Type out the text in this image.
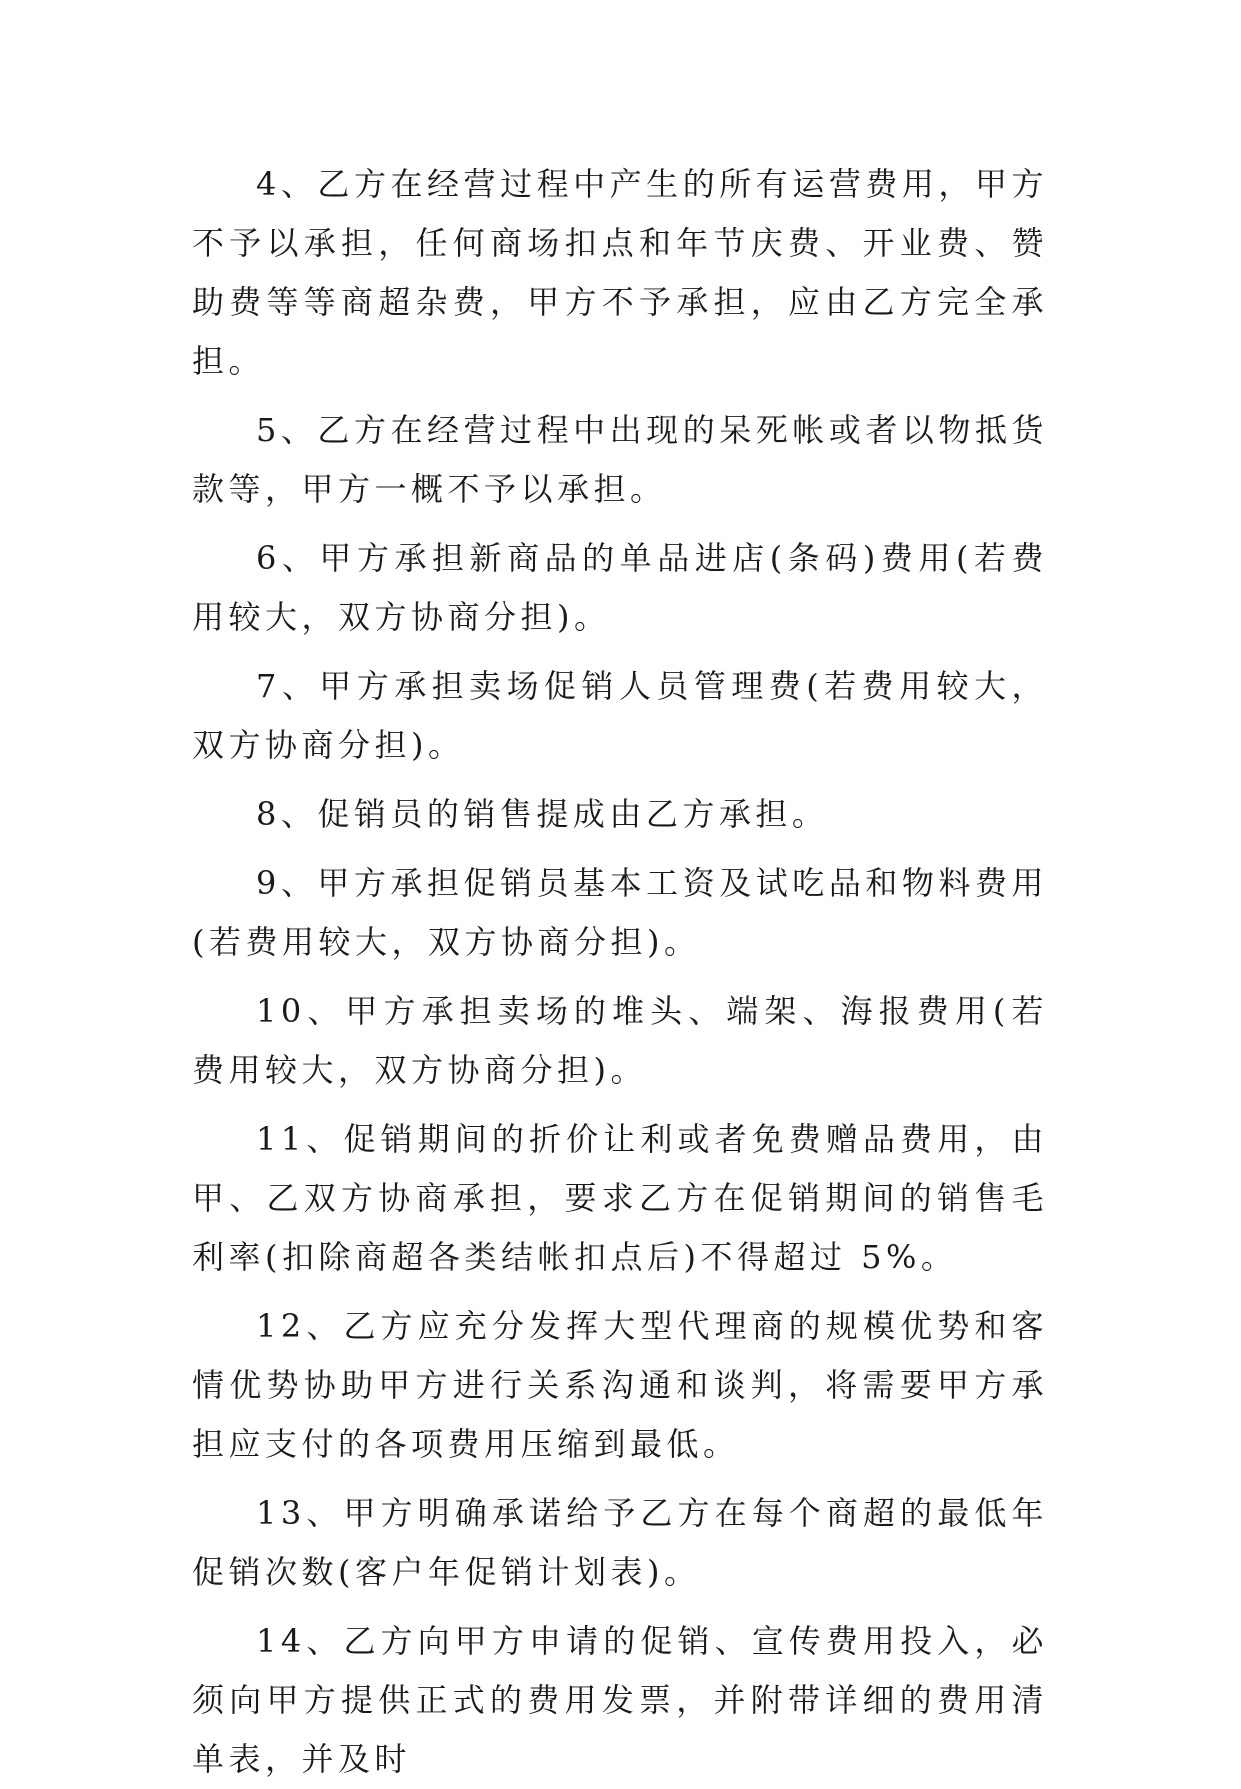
4、乙方在经营过程中产生的所有运营费用，甲方不予以承担，任何商场扣点和年节庆费、开业费、赞助费等等商超杂费，甲方不予承担，应由乙方完全承担。

5、乙方在经营过程中出现的呆死帐或者以物抵货款等，甲方一概不予以承担。

6、甲方承担新商品的单品进店(条码)费用(若费用较大，双方协商分担)。

7、甲方承担卖场促销人员管理费(若费用较大，双方协商分担)。

8、促销员的销售提成由乙方承担。

9、甲方承担促销员基本工资及试吃品和物料费用(若费用较大，双方协商分担)。

10、甲方承担卖场的堆头、端架、海报费用(若费用较大，双方协商分担)。

11、促销期间的折价让利或者免费赠品费用，由甲、乙双方协商承担，要求乙方在促销期间的销售毛利率(扣除商超各类结帐扣点后)不得超过 5%。

12、乙方应充分发挥大型代理商的规模优势和客情优势协助甲方进行关系沟通和谈判，将需要甲方承担应支付的各项费用压缩到最低。

13、甲方明确承诺给予乙方在每个商超的最低年促销次数(客户年促销计划表)。

14、乙方向甲方申请的促销、宣传费用投入，必须向甲方提供正式的费用发票，并附带详细的费用清单表，并及时
